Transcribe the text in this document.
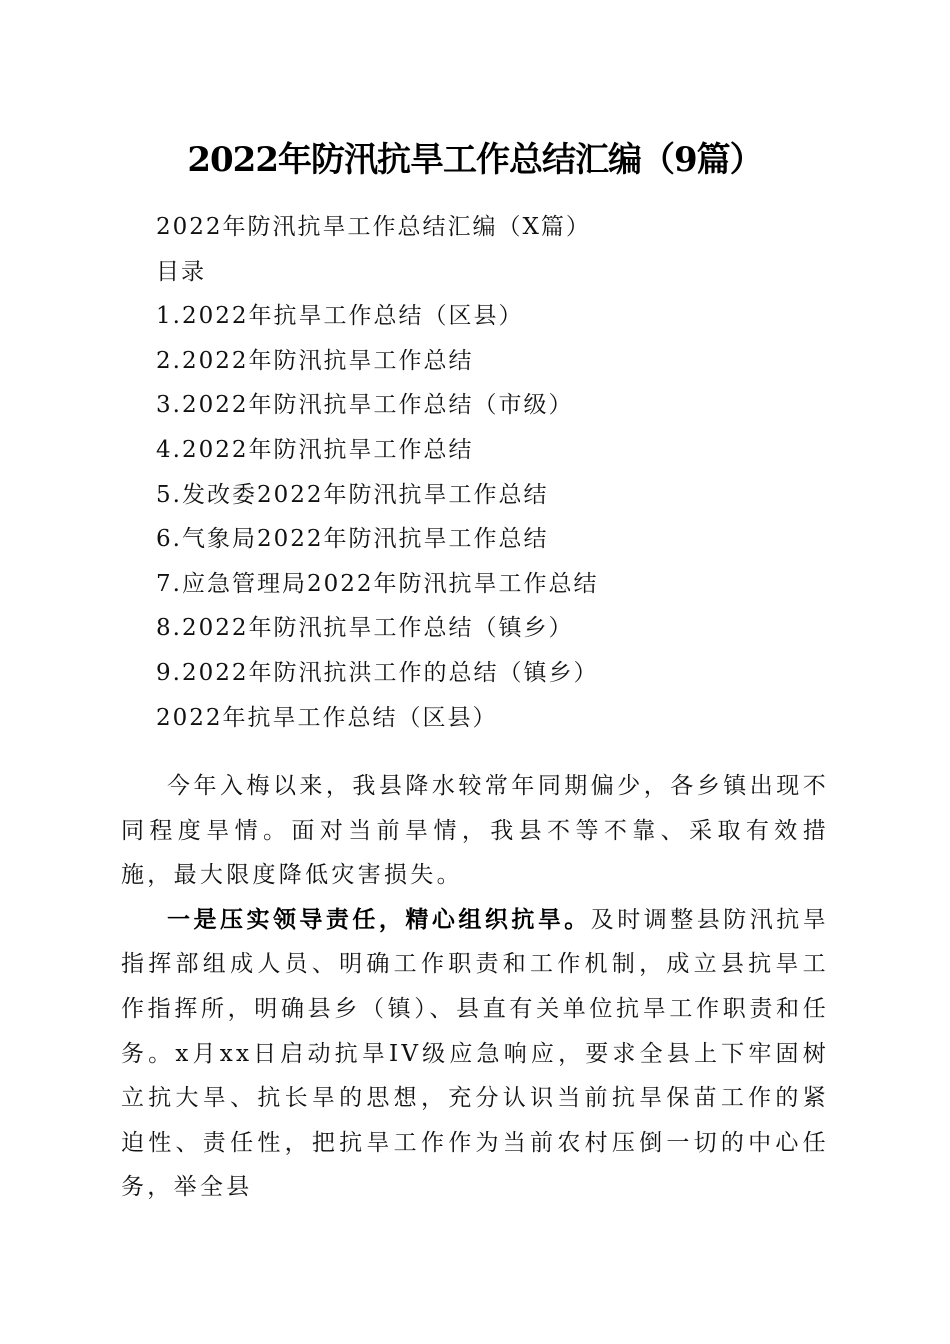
2022年防汛抗旱工作总结汇编（9篇）
2022年防汛抗旱工作总结汇编（X篇）
目录
1.2022年抗旱工作总结（区县）
2.2022年防汛抗旱工作总结
3.2022年防汛抗旱工作总结（市级）
4.2022年防汛抗旱工作总结
5.发改委2022年防汛抗旱工作总结
6.气象局2022年防汛抗旱工作总结
7.应急管理局2022年防汛抗旱工作总结
8.2022年防汛抗旱工作总结（镇乡）
9.2022年防汛抗洪工作的总结（镇乡）
2022年抗旱工作总结（区县）

今年入梅以来，我县降水较常年同期偏少，各乡镇出现不同程度旱情。面对当前旱情，我县不等不靠、采取有效措施，最大限度降低灾害损失。

一是压实领导责任，精心组织抗旱。及时调整县防汛抗旱指挥部组成人员、明确工作职责和工作机制，成立县抗旱工作指挥所，明确县乡（镇）、县直有关单位抗旱工作职责和任务。x月xx日启动抗旱IV级应急响应，要求全县上下牢固树立抗大旱、抗长旱的思想，充分认识当前抗旱保苗工作的紧迫性、责任性，把抗旱工作作为当前农村压倒一切的中心任务，举全县
